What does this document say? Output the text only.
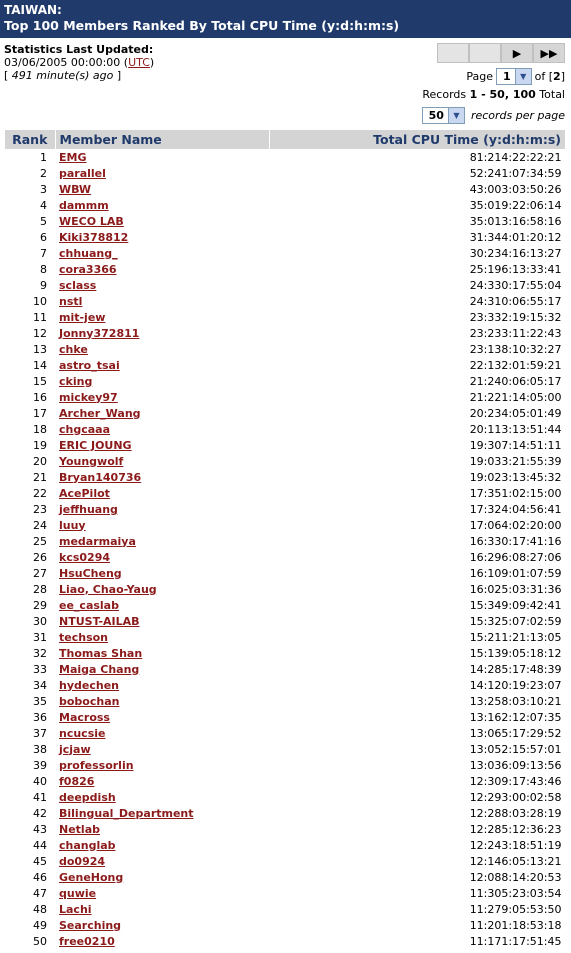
TAIWAN:
Top 100 Members Ranked By Total CPU Time (y:d:h:m:s)
Statistics Last Updated:
03/06/2005 00:00:00 (UTC)
[ 491 minute(s) ago ]
▶ ▶▶
Page 1	▼ of [ 2 ]
Records 1 - 50, 100 Total
50	▼	records per page
Rank	Member Name	Total CPU Time (y:d:h:m:s)
1	EMG	81:214:22:22:21
2	parallel	52:241:07:34:59
3	WBW	43:003:03:50:26
4	dammm	35:019:22:06:14
5	WECO LAB	35:013:16:58:16
6	Kiki378812	31:344:01:20:12
7	chhuang_	30:234:16:13:27
8	cora3366	25:196:13:33:41
9	sclass	24:330:17:55:04
10	nstl	24:310:06:55:17
11	mit-jew	23:332:19:15:32
12	Jonny372811	23:233:11:22:43
13	chke	23:138:10:32:27
14	astro_tsai	22:132:01:59:21
15	cking	21:240:06:05:17
16	mickey97	21:221:14:05:00
17	Archer_Wang	20:234:05:01:49
18	chgcaaa	20:113:13:51:44
19	ERIC JOUNG	19:307:14:51:11
20	Youngwolf	19:033:21:55:39
21	Bryan140736	19:023:13:45:32
22	AcePilot	17:351:02:15:00
23	jeffhuang	17:324:04:56:41
24	luuy	17:064:02:20:00
25	medarmaiya	16:330:17:41:16
26	kcs0294	16:296:08:27:06
27	HsuCheng	16:109:01:07:59
28	Liao, Chao-Yaug	16:025:03:31:36
29	ee_caslab	15:349:09:42:41
30	NTUST-AILAB	15:325:07:02:59
31	techson	15:211:21:13:05
32	Thomas Shan	15:139:05:18:12
33	Maiga Chang	14:285:17:48:39
34	hydechen	14:120:19:23:07
35	bobochan	13:258:03:10:21
36	Macross	13:162:12:07:35
37	ncucsie	13:065:17:29:52
38	jcjaw	13:052:15:57:01
39	professorlin	13:036:09:13:56
40	f0826	12:309:17:43:46
41	deepdish	12:293:00:02:58
42	Bilingual_Department	12:288:03:28:19
43	Netlab	12:285:12:36:23
44	changlab	12:243:18:51:19
45	do0924	12:146:05:13:21
46	GeneHong	12:088:14:20:53
47	quwie	11:305:23:03:54
48	Lachi	11:279:05:53:50
49	Searching	11:201:18:53:18
50	free0210	11:171:17:51:45
